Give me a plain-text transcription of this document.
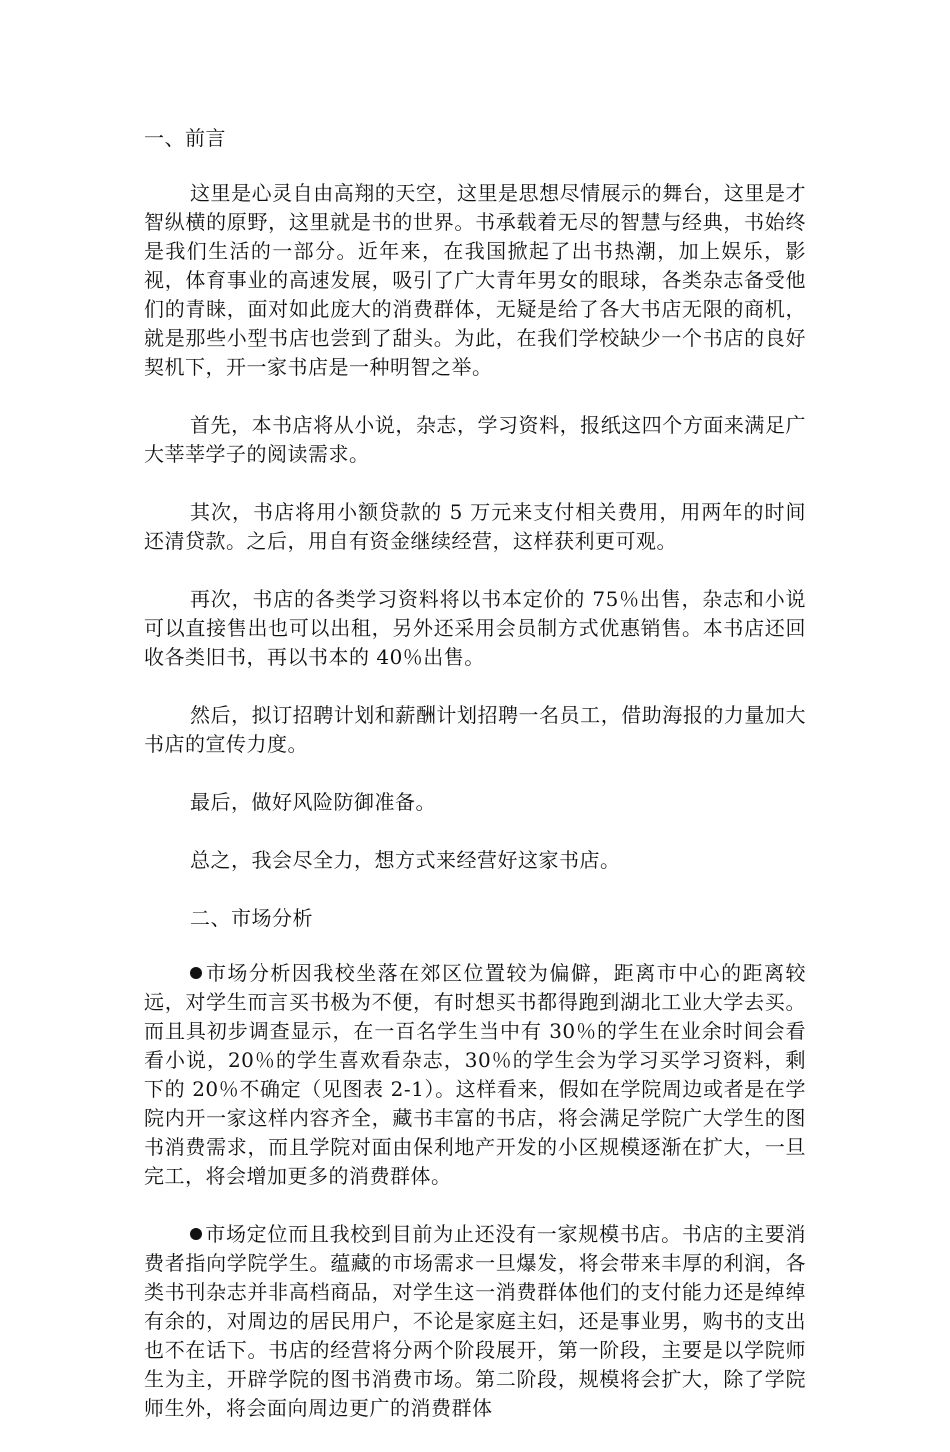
一、前言

这里是心灵自由高翔的天空，这里是思想尽情展示的舞台，这里是才智纵横的原野，这里就是书的世界。书承载着无尽的智慧与经典，书始终是我们生活的一部分。近年来，在我国掀起了出书热潮，加上娱乐，影视，体育事业的高速发展，吸引了广大青年男女的眼球，各类杂志备受他们的青睐，面对如此庞大的消费群体，无疑是给了各大书店无限的商机，就是那些小型书店也尝到了甜头。为此，在我们学校缺少一个书店的良好契机下，开一家书店是一种明智之举。

首先，本书店将从小说，杂志，学习资料，报纸这四个方面来满足广大莘莘学子的阅读需求。

其次，书店将用小额贷款的 5 万元来支付相关费用，用两年的时间还清贷款。之后，用自有资金继续经营，这样获利更可观。

再次，书店的各类学习资料将以书本定价的 75％出售，杂志和小说可以直接售出也可以出租，另外还采用会员制方式优惠销售。本书店还回收各类旧书，再以书本的 40％出售。

然后，拟订招聘计划和薪酬计划招聘一名员工，借助海报的力量加大书店的宣传力度。

最后，做好风险防御准备。

总之，我会尽全力，想方式来经营好这家书店。

二、市场分析

市场分析因我校坐落在郊区位置较为偏僻，距离市中心的距离较远，对学生而言买书极为不便，有时想买书都得跑到湖北工业大学去买。而且具初步调查显示，在一百名学生当中有 30％的学生在业余时间会看看小说，20％的学生喜欢看杂志，30％的学生会为学习买学习资料，剩下的 20％不确定（见图表 2-1）。这样看来，假如在学院周边或者是在学院内开一家这样内容齐全，藏书丰富的书店，将会满足学院广大学生的图书消费需求，而且学院对面由保利地产开发的小区规模逐渐在扩大，一旦完工，将会增加更多的消费群体。

市场定位而且我校到目前为止还没有一家规模书店。书店的主要消费者指向学院学生。蕴藏的市场需求一旦爆发，将会带来丰厚的利润，各类书刊杂志并非高档商品，对学生这一消费群体他们的支付能力还是绰绰有余的，对周边的居民用户，不论是家庭主妇，还是事业男，购书的支出也不在话下。书店的经营将分两个阶段展开，第一阶段，主要是以学院师生为主，开辟学院的图书消费市场。第二阶段，规模将会扩大，除了学院师生外，将会面向周边更广的消费群体
